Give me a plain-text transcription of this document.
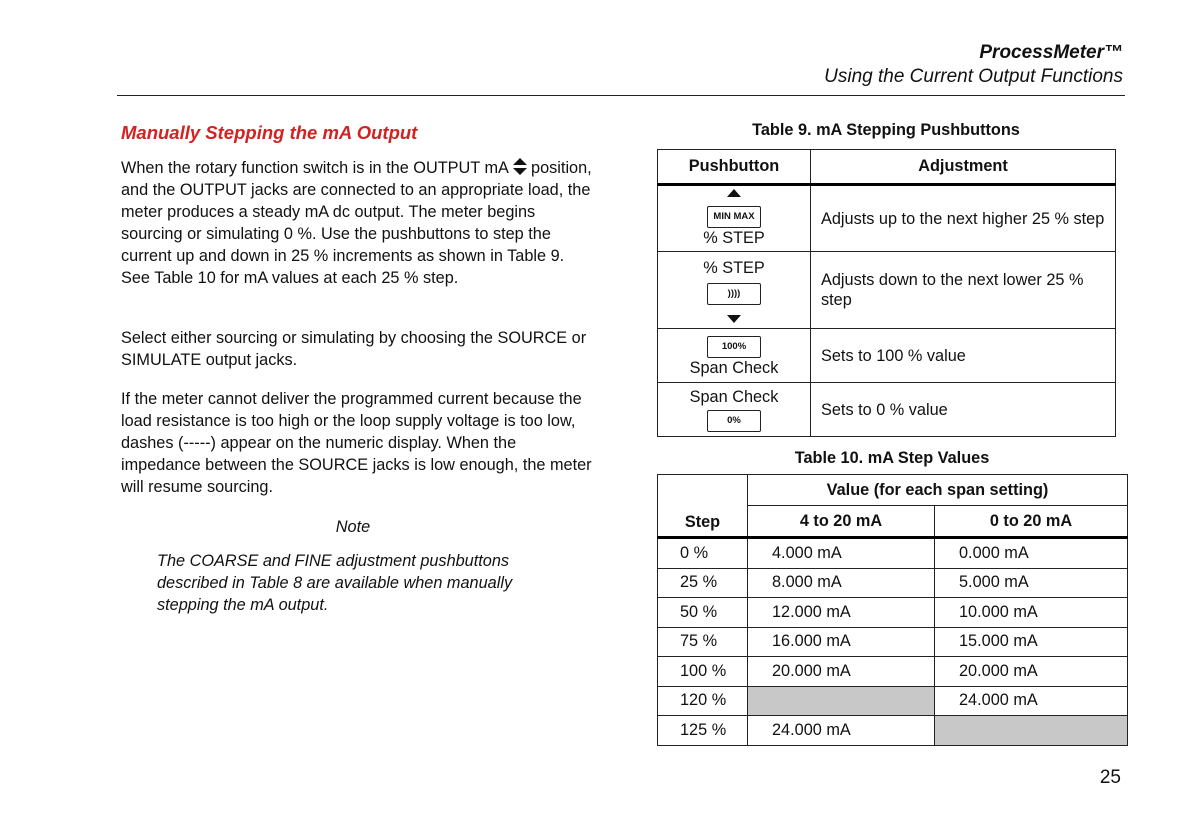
ProcessMeter™
Using the Current Output Functions
Manually Stepping the mA Output
When the rotary function switch is in the OUTPUT mA position, and the OUTPUT jacks are connected to an appropriate load, the meter produces a steady mA dc output. The meter begins sourcing or simulating 0 %. Use the pushbuttons to step the current up and down in 25 % increments as shown in Table 9. See Table 10 for mA values at each 25 % step.
Select either sourcing or simulating by choosing the SOURCE or SIMULATE output jacks.
If the meter cannot deliver the programmed current because the load resistance is too high or the loop supply voltage is too low, dashes (-----) appear on the numeric display. When the impedance between the SOURCE jacks is low enough, the meter will resume sourcing.
Note
The COARSE and FINE adjustment pushbuttons described in Table 8 are available when manually stepping the mA output.
Table 9. mA Stepping Pushbuttons
Pushbutton	Adjustment

MIN MAX
% STEP	Adjusts up to the next higher 25 % step

% STEP
))))	Adjusts down to the next lower 25 % step

100%
Span Check	Sets to 100 % value

Span Check
0%	Sets to 0 % value
Table 10. mA Step Values
Step	Value (for each span setting)	
	4 to 20 mA	0 to 20 mA
0 %	4.000 mA	0.000 mA
25 %	8.000 mA	5.000 mA
50 %	12.000 mA	10.000 mA
75 %	16.000 mA	15.000 mA
100 %	20.000 mA	20.000 mA
120 %		24.000 mA
125 %	24.000 mA	
25
